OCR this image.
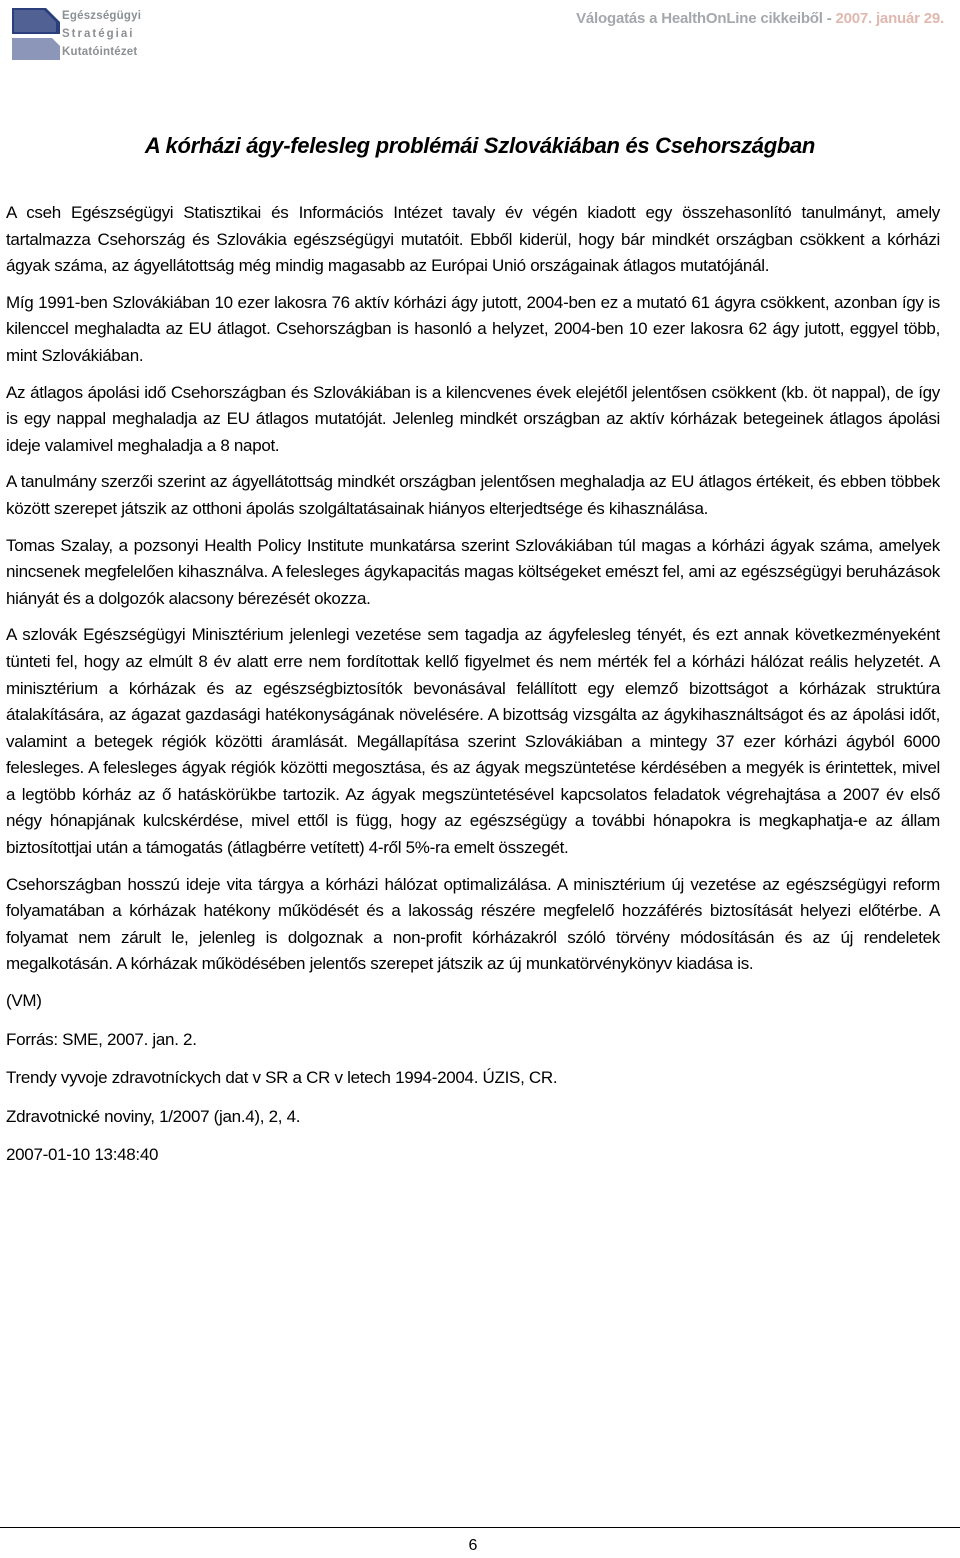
Egészségügyi
Stratégiai
Kutatóintézet
Válogatás a HealthOnLine cikkeiből - 2007. január 29.
A kórházi ágy-felesleg problémái Szlovákiában és Csehországban

A cseh Egészségügyi Statisztikai és Információs Intézet tavaly év végén kiadott egy összehasonlító tanulmányt, amely tartalmazza Csehország és Szlovákia egészségügyi mutatóit. Ebből kiderül, hogy bár mindkét országban csökkent a kórházi ágyak száma, az ágyellátottság még mindig magasabb az Európai Unió országainak átlagos mutatójánál.

Míg 1991-ben Szlovákiában 10 ezer lakosra 76 aktív kórházi ágy jutott, 2004-ben ez a mutató 61 ágyra csökkent, azonban így is kilenccel meghaladta az EU átlagot. Csehországban is hasonló a helyzet, 2004-ben 10 ezer lakosra 62 ágy jutott, eggyel több, mint Szlovákiában.

Az átlagos ápolási idő Csehországban és Szlovákiában is a kilencvenes évek elejétől jelentősen csökkent (kb. öt nappal), de így is egy nappal meghaladja az EU átlagos mutatóját. Jelenleg mindkét országban az aktív kórházak betegeinek átlagos ápolási ideje valamivel meghaladja a 8 napot.

A tanulmány szerzői szerint az ágyellátottság mindkét országban jelentősen meghaladja az EU átlagos értékeit, és ebben többek között szerepet játszik az otthoni ápolás szolgáltatásainak hiányos elterjedtsége és kihasználása.

Tomas Szalay, a pozsonyi Health Policy Institute munkatársa szerint Szlovákiában túl magas a kórházi ágyak száma, amelyek nincsenek megfelelően kihasználva. A felesleges ágykapacitás magas költségeket emészt fel, ami az egészségügyi beruházások hiányát és a dolgozók alacsony bérezését okozza.

A szlovák Egészségügyi Minisztérium jelenlegi vezetése sem tagadja az ágyfelesleg tényét, és ezt annak következményeként tünteti fel, hogy az elmúlt 8 év alatt erre nem fordítottak kellő figyelmet és nem mérték fel a kórházi hálózat reális helyzetét. A minisztérium a kórházak és az egészségbiztosítók bevonásával felállított egy elemző bizottságot a kórházak struktúra átalakítására, az ágazat gazdasági hatékonyságának növelésére. A bizottság vizsgálta az ágykihasználtságot és az ápolási időt, valamint a betegek régiók közötti áramlását. Megállapítása szerint Szlovákiában a mintegy 37 ezer kórházi ágyból 6000 felesleges. A felesleges ágyak régiók közötti megosztása, és az ágyak megszüntetése kérdésében a megyék is érintettek, mivel a legtöbb kórház az ő hatáskörükbe tartozik. Az ágyak megszüntetésével kapcsolatos feladatok végrehajtása a 2007 év első négy hónapjának kulcskérdése, mivel ettől is függ, hogy az egészségügy a további hónapokra is megkaphatja-e az állam biztosítottjai után a támogatás (átlagbérre vetített) 4-ről 5%-ra emelt összegét.

Csehországban hosszú ideje vita tárgya a kórházi hálózat optimalizálása. A minisztérium új vezetése az egészségügyi reform folyamatában a kórházak hatékony működését és a lakosság részére megfelelő hozzáférés biztosítását helyezi előtérbe. A folyamat nem zárult le, jelenleg is dolgoznak a non-profit kórházakról szóló törvény módosításán és az új rendeletek megalkotásán. A kórházak működésében jelentős szerepet játszik az új munkatörvénykönyv kiadása is.

(VM)

Forrás: SME, 2007. jan. 2.

Trendy vyvoje zdravotníckych dat v SR a CR v letech 1994-2004. ÚZIS, CR.

Zdravotnické noviny, 1/2007 (jan.4), 2, 4.

2007-01-10 13:48:40

6
